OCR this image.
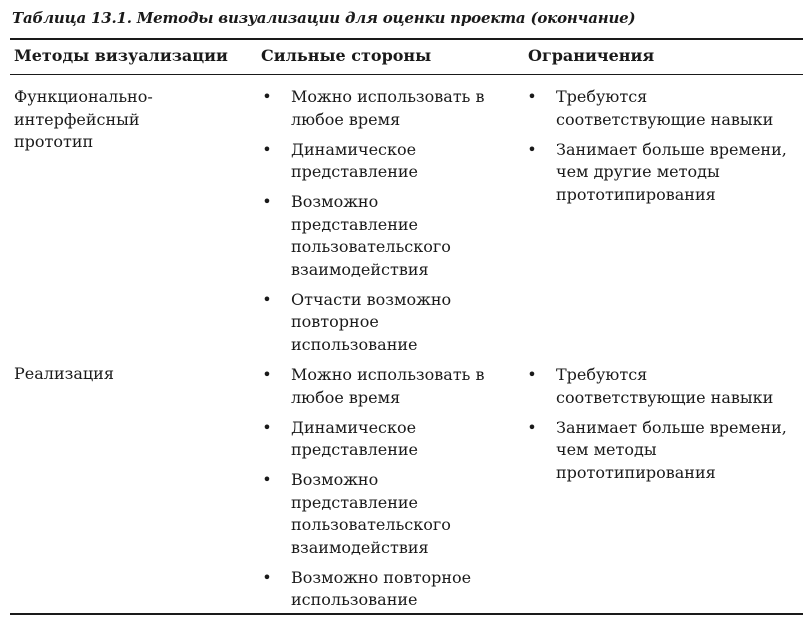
Таблица 13.1. Методы визуализации для оценки проекта (окончание)
Методы визуализации Сильные стороны	Ограничения
Функционально-
интерфейсный
прототип
• Можно использовать в
любое время
• Динамическое
представление
• Возможно
представление
пользовательского
взаимодействия
• Отчасти возможно
повторное
использование
• Требуются
соответствующие навыки
• Занимает больше времени,
чем другие методы
прототипирования
Реализация	• Можно использовать в
любое время
• Динамическое
представление
• Возможно
представление
пользовательского
взаимодействия
• Возможно повторное
использование
• Требуются
соответствующие навыки
• Занимает больше времени,
чем методы
прототипирования
